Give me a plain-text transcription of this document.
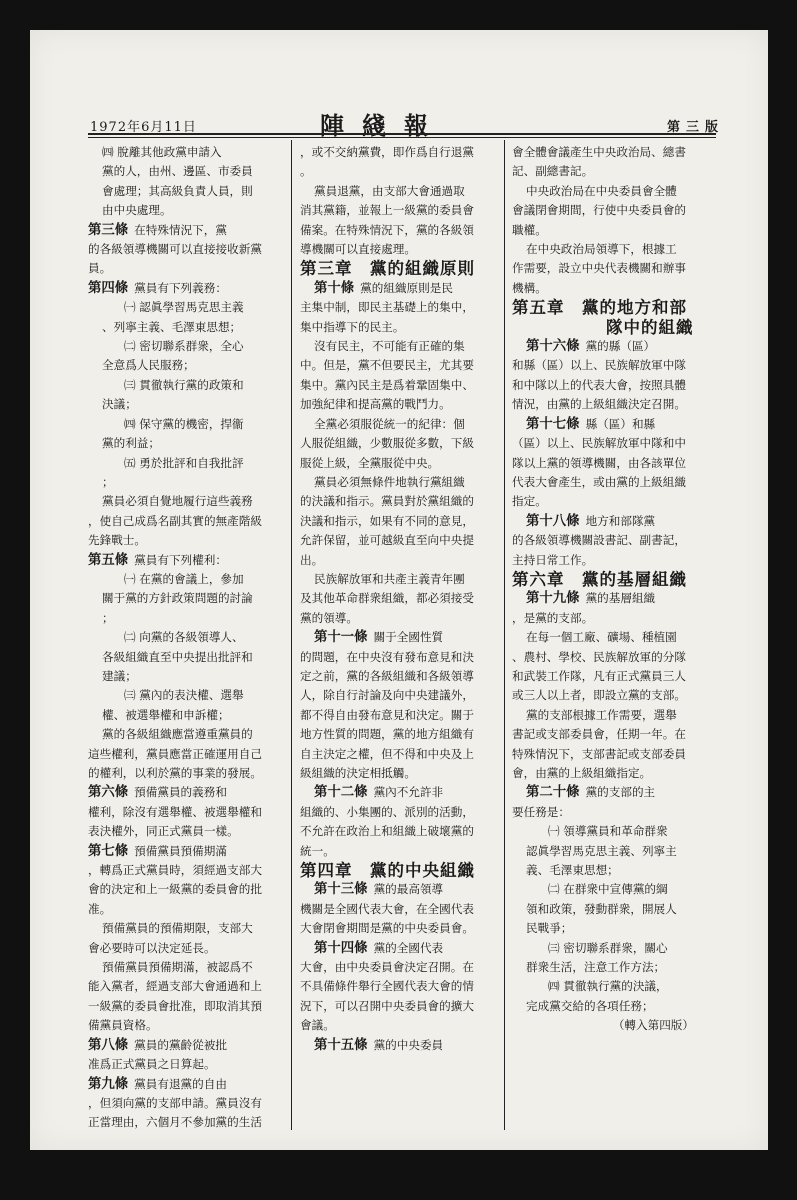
1972年6月11日	陣綫報	第三版

㈣ 脫離其他政黨申請入

黨的人，由州、邊區、市委員

會處理；其高級負責人員，則

由中央處理。

第三條 在特殊情況下，黨

的各級領導機關可以直接接收新黨

員。

第四條 黨員有下列義務：

㈠ 認眞學習馬克思主義

、列寧主義、毛澤東思想；

㈡ 密切聯系群衆，全心

全意爲人民服務；

㈢ 貫徹執行黨的政策和

決議；

㈣ 保守黨的機密，捍衞

黨的利益；

㈤ 勇於批評和自我批評

；

黨員必須自覺地履行這些義務

，使自己成爲名副其實的無產階級

先鋒戰士。

第五條 黨員有下列權利：

㈠ 在黨的會議上，參加

關于黨的方針政策問題的討論

；

㈡ 向黨的各級領導人、

各級組織直至中央提出批評和

建議；

㈢ 黨內的表決權、選舉

權、被選舉權和申訴權；

黨的各級組織應當遵重黨員的

這些權利，黨員應當正確運用自己

的權利，以利於黨的事業的發展。

第六條 預備黨員的義務和

權利，除沒有選舉權、被選舉權和

表決權外，同正式黨員一樣。

第七條 預備黨員預備期滿

，轉爲正式黨員時，須經過支部大

會的決定和上一級黨的委員會的批

准。

預備黨員的預備期限，支部大

會必要時可以決定延長。

預備黨員預備期滿，被認爲不

能入黨者，經過支部大會通過和上

一級黨的委員會批准，即取消其預

備黨員資格。

第八條 黨員的黨齡從被批

准爲正式黨員之日算起。

第九條 黨員有退黨的自由

，但須向黨的支部申請。黨員沒有

正當理由，六個月不參加黨的生活

，或不交納黨費，即作爲自行退黨

。

黨員退黨，由支部大會通過取

消其黨籍，並報上一級黨的委員會

備案。在特殊情況下，黨的各級領

導機關可以直接處理。

第三章　黨的組織原則

第十條 黨的組織原則是民

主集中制，即民主基礎上的集中，

集中指導下的民主。

沒有民主，不可能有正確的集

中。但是，黨不但要民主，尤其要

集中。黨內民主是爲着鞏固集中、

加強紀律和提高黨的戰鬥力。

全黨必須服從統一的紀律：個

人服從組織，少數服從多數，下級

服從上級，全黨服從中央。

黨員必須無條件地執行黨組織

的決議和指示。黨員對於黨組織的

決議和指示，如果有不同的意見，

允許保留，並可越級直至向中央提

出。

民族解放軍和共產主義青年團

及其他革命群衆組織，都必須接受

黨的領導。

第十一條 關于全國性質

的問題，在中央沒有發布意見和決

定之前，黨的各級組織和各級領導

人，除自行討論及向中央建議外，

都不得自由發布意見和決定。關于

地方性質的問題，黨的地方組織有

自主決定之權，但不得和中央及上

級組織的決定相抵觸。

第十二條 黨內不允許非

組織的、小集團的、派別的活動，

不允許在政治上和組織上破壞黨的

統一。

第四章　黨的中央組織

第十三條 黨的最高領導

機關是全國代表大會，在全國代表

大會閉會期間是黨的中央委員會。

第十四條 黨的全國代表

大會，由中央委員會決定召開。在

不具備條件舉行全國代表大會的情

況下，可以召開中央委員會的擴大

會議。

第十五條 黨的中央委員

會全體會議產生中央政治局、總書

記、副總書記。

中央政治局在中央委員會全體

會議閉會期間，行使中央委員會的

職權。

在中央政治局領導下，根據工

作需要，設立中央代表機關和辦事

機構。

第五章　黨的地方和部

隊中的組織

第十六條 黨的縣（區）

和縣（區）以上、民族解放軍中隊

和中隊以上的代表大會，按照具體

情況，由黨的上級組織決定召開。

第十七條 縣（區）和縣

（區）以上、民族解放軍中隊和中

隊以上黨的領導機關，由各該單位

代表大會產生，或由黨的上級組織

指定。

第十八條 地方和部隊黨

的各級領導機關設書記、副書記，

主持日常工作。

第六章　黨的基層組織

第十九條 黨的基層組織

，是黨的支部。

在每一個工廠、礦場、種植園

、農村、學校、民族解放軍的分隊

和武裝工作隊，凡有正式黨員三人

或三人以上者，即設立黨的支部。

黨的支部根據工作需要，選舉

書記或支部委員會，任期一年。在

特殊情況下，支部書記或支部委員

會，由黨的上級組織指定。

第二十條 黨的支部的主

要任務是：

㈠ 領導黨員和革命群衆

認眞學習馬克思主義、列寧主

義、毛澤東思想；

㈡ 在群衆中宣傳黨的綱

領和政策，發動群衆，開展人

民戰爭；

㈢ 密切聯系群衆，關心

群衆生活，注意工作方法；

㈣ 貫徹執行黨的決議，

完成黨交給的各項任務；

（轉入第四版）
